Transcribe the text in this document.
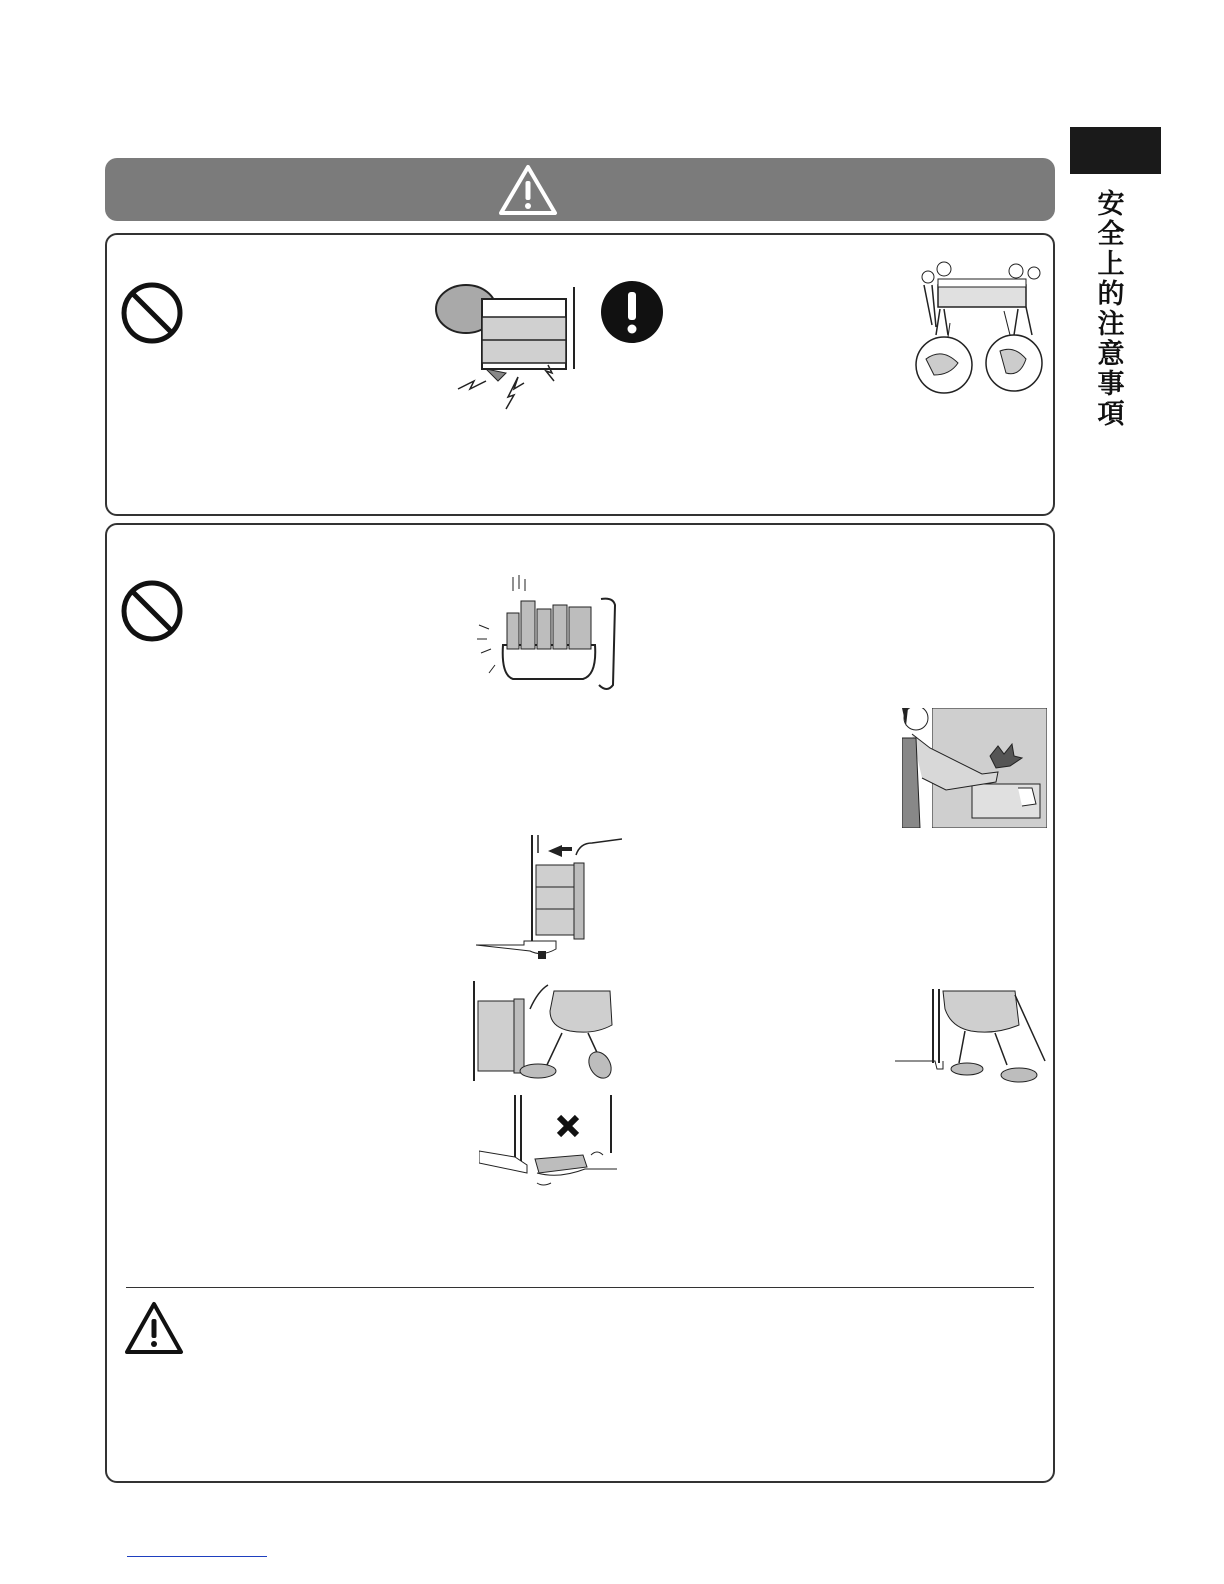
安全上的注意事項
